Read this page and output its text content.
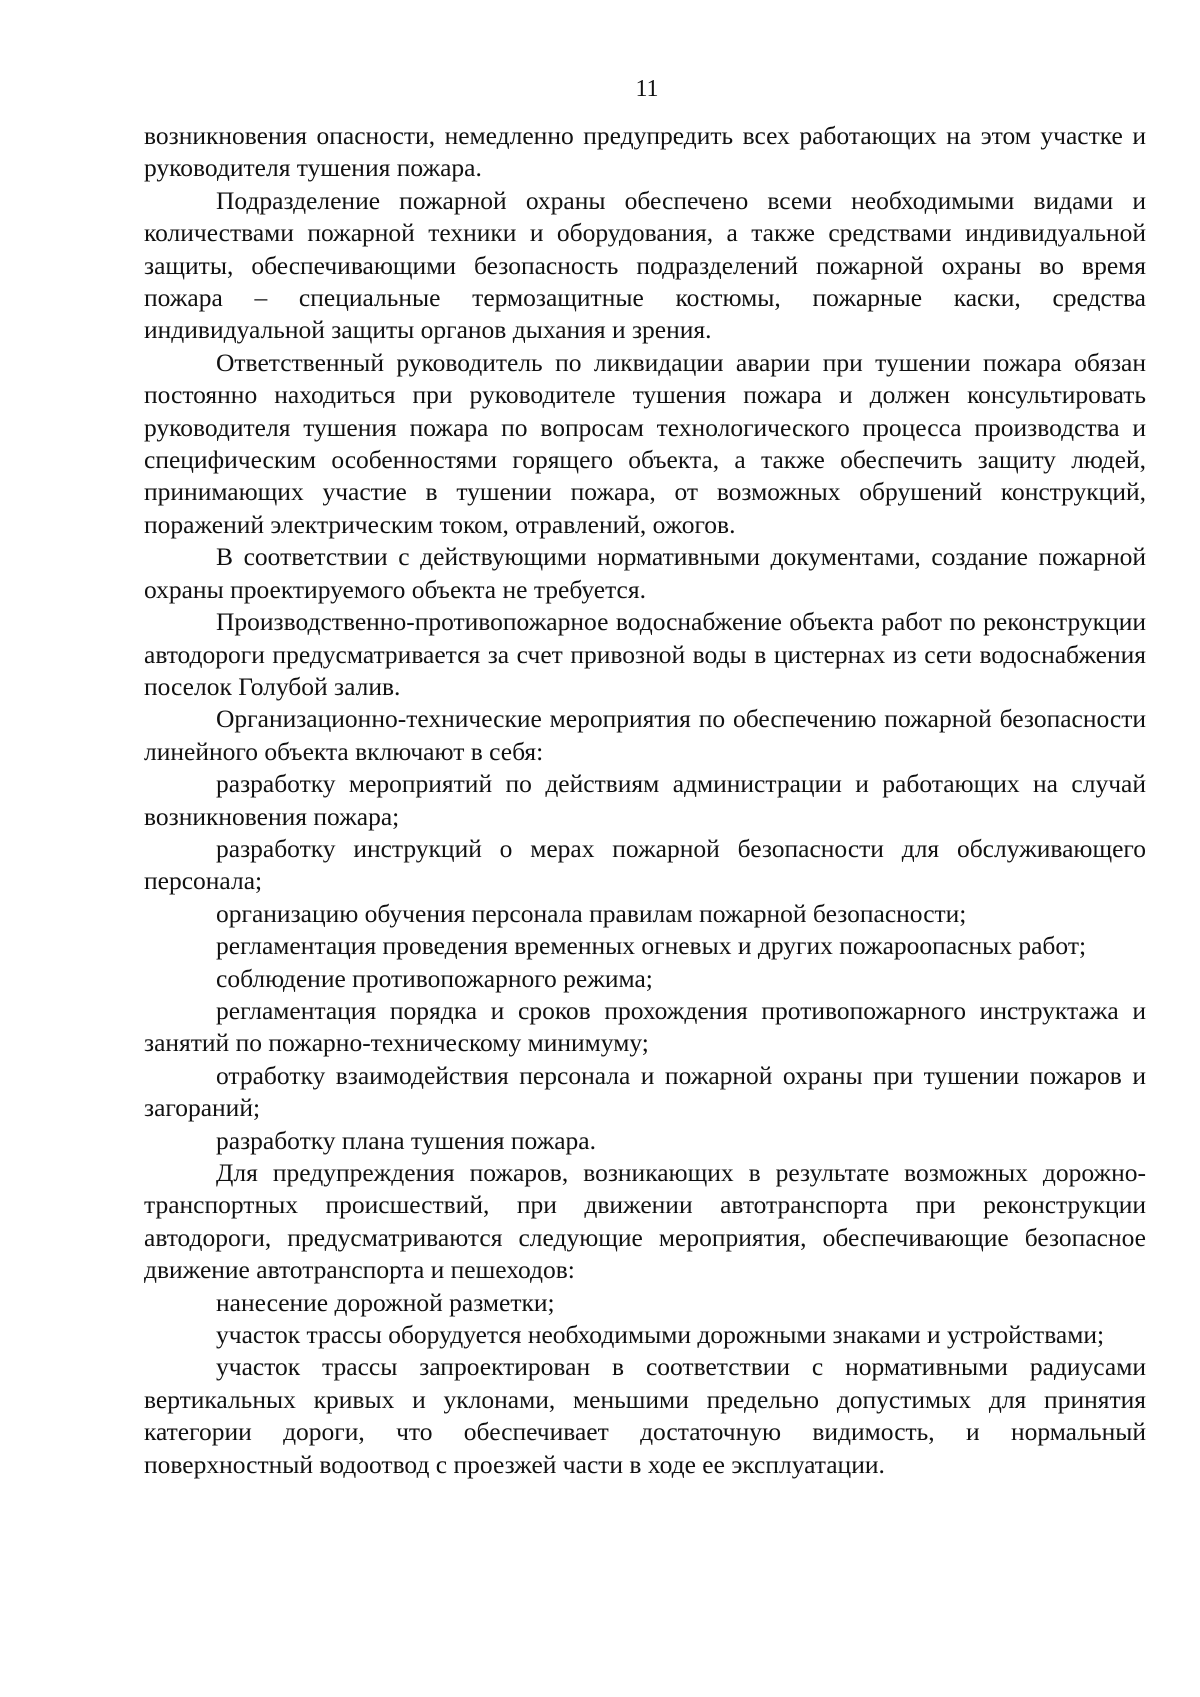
11

возникновения опасности, немедленно предупредить всех работающих на этом участке и руководителя тушения пожара.

Подразделение пожарной охраны обеспечено всеми необходимыми видами и количествами пожарной техники и оборудования, а также средствами индивидуальной защиты, обеспечивающими безопасность подразделений пожарной охраны во время пожара – специальные термозащитные костюмы, пожарные каски, средства индивидуальной защиты органов дыхания и зрения.

Ответственный руководитель по ликвидации аварии при тушении пожара обязан постоянно находиться при руководителе тушения пожара и должен консультировать руководителя тушения пожара по вопросам технологического процесса производства и специфическим особенностями горящего объекта, а также обеспечить защиту людей, принимающих участие в тушении пожара, от возможных обрушений конструкций, поражений электрическим током, отравлений, ожогов.

В соответствии с действующими нормативными документами, создание пожарной охраны проектируемого объекта не требуется.

Производственно-противопожарное водоснабжение объекта работ по реконструкции автодороги предусматривается за счет привозной воды в цистернах из сети водоснабжения поселок Голубой залив.

Организационно-технические мероприятия по обеспечению пожарной безопасности линейного объекта включают в себя:

разработку мероприятий по действиям администрации и работающих на случай возникновения пожара;

разработку инструкций о мерах пожарной безопасности для обслуживающего персонала;

организацию обучения персонала правилам пожарной безопасности;

регламентация проведения временных огневых и других пожароопасных работ;

соблюдение противопожарного режима;

регламентация порядка и сроков прохождения противопожарного инструктажа и занятий по пожарно-техническому минимуму;

отработку взаимодействия персонала и пожарной охраны при тушении пожаров и загораний;

разработку плана тушения пожара.

Для предупреждения пожаров, возникающих в результате возможных дорожно-транспортных происшествий, при движении автотранспорта при реконструкции автодороги, предусматриваются следующие мероприятия, обеспечивающие безопасное движение автотранспорта и пешеходов:

нанесение дорожной разметки;

участок трассы оборудуется необходимыми дорожными знаками и устройствами;

участок трассы запроектирован в соответствии с нормативными радиусами вертикальных кривых и уклонами, меньшими предельно допустимых для принятия категории дороги, что обеспечивает достаточную видимость, и нормальный поверхностный водоотвод с проезжей части в ходе ее эксплуатации.
